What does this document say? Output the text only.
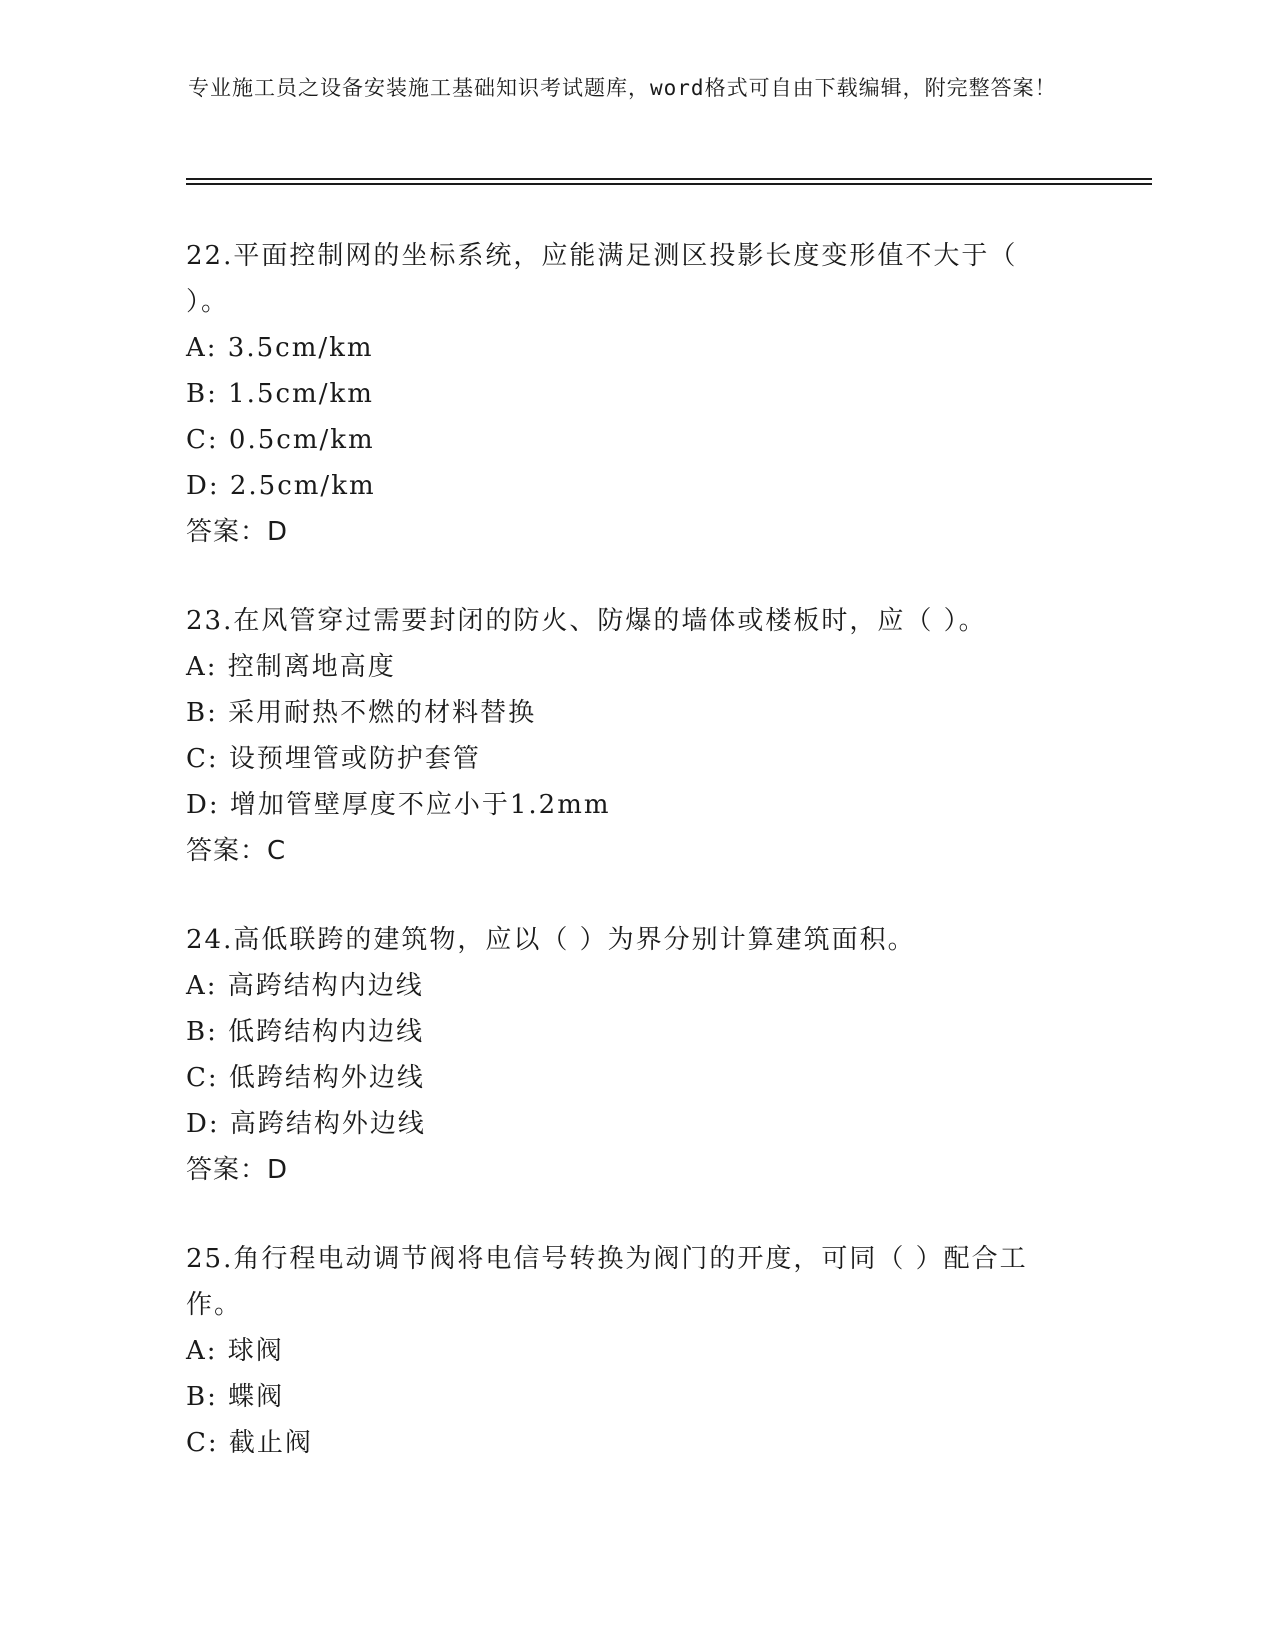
专业施工员之设备安装施工基础知识考试题库，word格式可自由下载编辑，附完整答案！

22.平面控制网的坐标系统，应能满足测区投影长度变形值不大于（ ）。

A: 3.5cm/km

B: 1.5cm/km

C: 0.5cm/km

D: 2.5cm/km

答案：D

23.在风管穿过需要封闭的防火、防爆的墙体或楼板时，应（ ）。

A: 控制离地高度

B: 采用耐热不燃的材料替换

C: 设预埋管或防护套管

D: 增加管壁厚度不应小于1.2mm

答案：C

24.高低联跨的建筑物，应以（ ）为界分别计算建筑面积。

A: 高跨结构内边线

B: 低跨结构内边线

C: 低跨结构外边线

D: 高跨结构外边线

答案：D

25.角行程电动调节阀将电信号转换为阀门的开度，可同（ ）配合工作。

A: 球阀

B: 蝶阀

C: 截止阀
